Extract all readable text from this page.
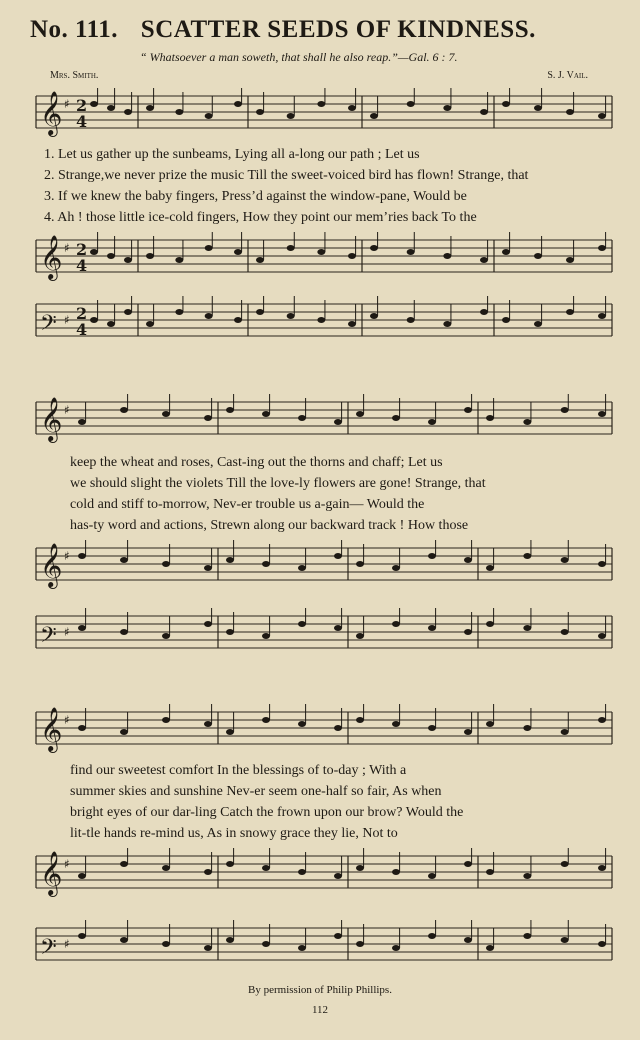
No. 111. SCATTER SEEDS OF KINDNESS.
“ Whatsoever a man soweth, that shall he also reap.”—Gal. 6 : 7.
Mrs. Smith.	S. J. Vail.
𝄞 ♯ 2
4
1. Let us gather up the sunbeams, Lying all a-long our path ; Let us
2. Strange,we never prize the music Till the sweet-voiced bird has flown! Strange, that
3. If we knew the baby fingers, Press’d against the window-pane, Would be
4. Ah ! those little ice-cold fingers, How they point our mem’ries back To the
𝄞 ♯ 2
4
𝄢 ♯ 2
4
𝄞 ♯
keep the wheat and roses, Cast-ing out the thorns and chaff; Let us
we should slight the violets Till the love-ly flowers are gone! Strange, that
cold and stiff to-morrow, Nev-er trouble us a-gain— Would the
has-ty word and actions, Strewn along our backward track ! How those
𝄞 ♯
𝄢 ♯
𝄞 ♯
find our sweetest comfort In the blessings of to-day ; With a
summer skies and sunshine Nev-er seem one-half so fair, As when
bright eyes of our dar-ling Catch the frown upon our brow? Would the
lit-tle hands re-mind us, As in snowy grace they lie, Not to
𝄞 ♯
𝄢 ♯
By permission of Philip Phillips.
112
